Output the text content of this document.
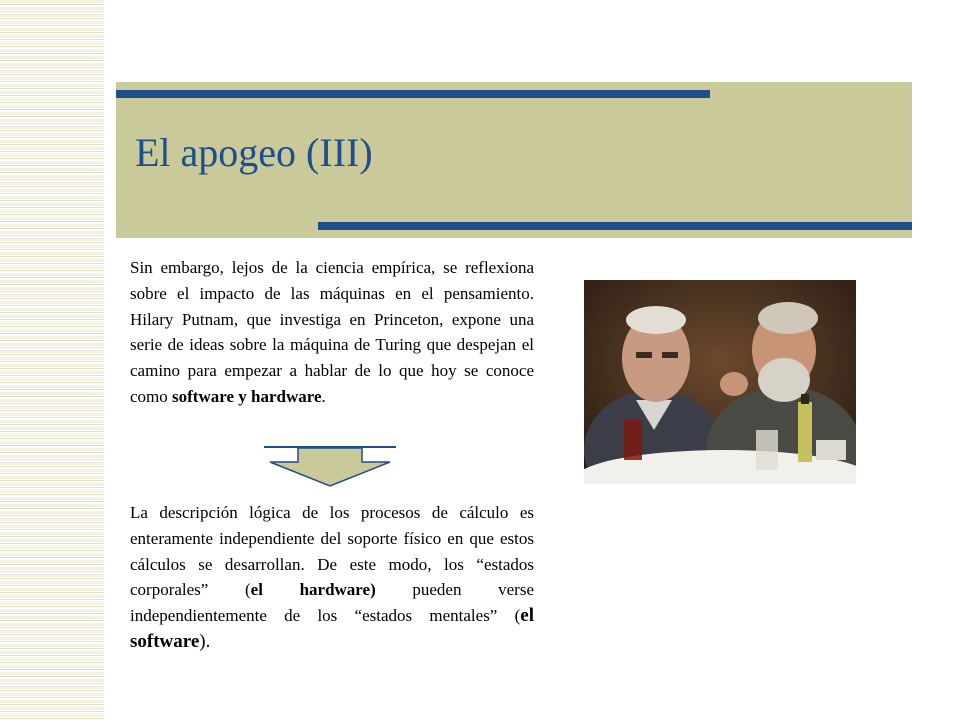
El apogeo (III)

Sin embargo, lejos de la ciencia empírica, se reflexiona sobre el impacto de las máquinas en el pensamiento. Hilary Putnam, que investiga en Princeton, expone una serie de ideas sobre la máquina de Turing que despejan el camino para empezar a hablar de lo que hoy se conoce como software y hardware.

La descripción lógica de los procesos de cálculo es enteramente independiente del soporte físico en que estos cálculos se desarrollan. De este modo, los “estados corporales” (el hardware) pueden verse independientemente de los “estados mentales” (el software).
